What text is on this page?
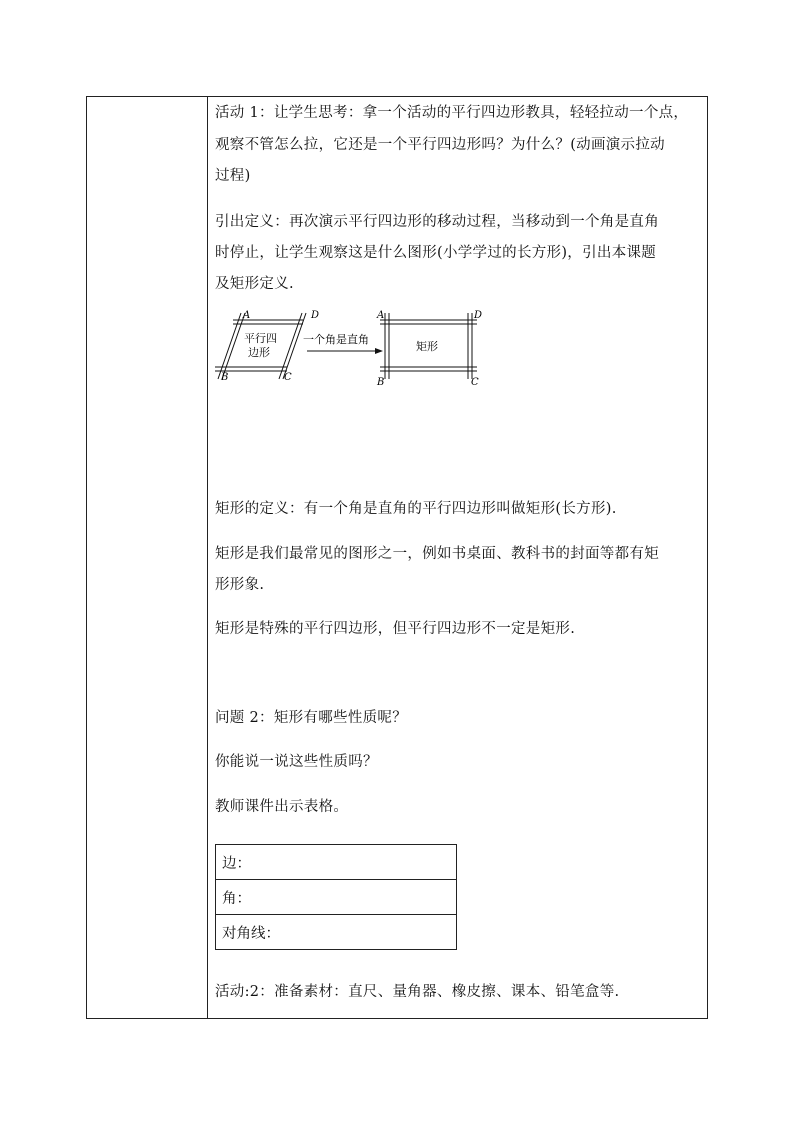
活动 1：让学生思考：拿一个活动的平行四边形教具，轻轻拉动一个点，
观察不管怎么拉，它还是一个平行四边形吗？为什么？(动画演示拉动
过程)
引出定义：再次演示平行四边形的移动过程，当移动到一个角是直角
时停止，让学生观察这是什么图形(小学学过的长方形)，引出本课题
及矩形定义.
A	D
B	C
平行四
边形
一个角是直角
A	D
B	C
矩形
矩形的定义：有一个角是直角的平行四边形叫做矩形(长方形).
矩形是我们最常见的图形之一，例如书桌面、教科书的封面等都有矩
形形象.
矩形是特殊的平行四边形，但平行四边形不一定是矩形.
问题 2：矩形有哪些性质呢？
你能说一说这些性质吗？
教师课件出示表格。
边：
角：
对角线：
活动:2：准备素材：直尺、量角器、橡皮擦、课本、铅笔盒等.
